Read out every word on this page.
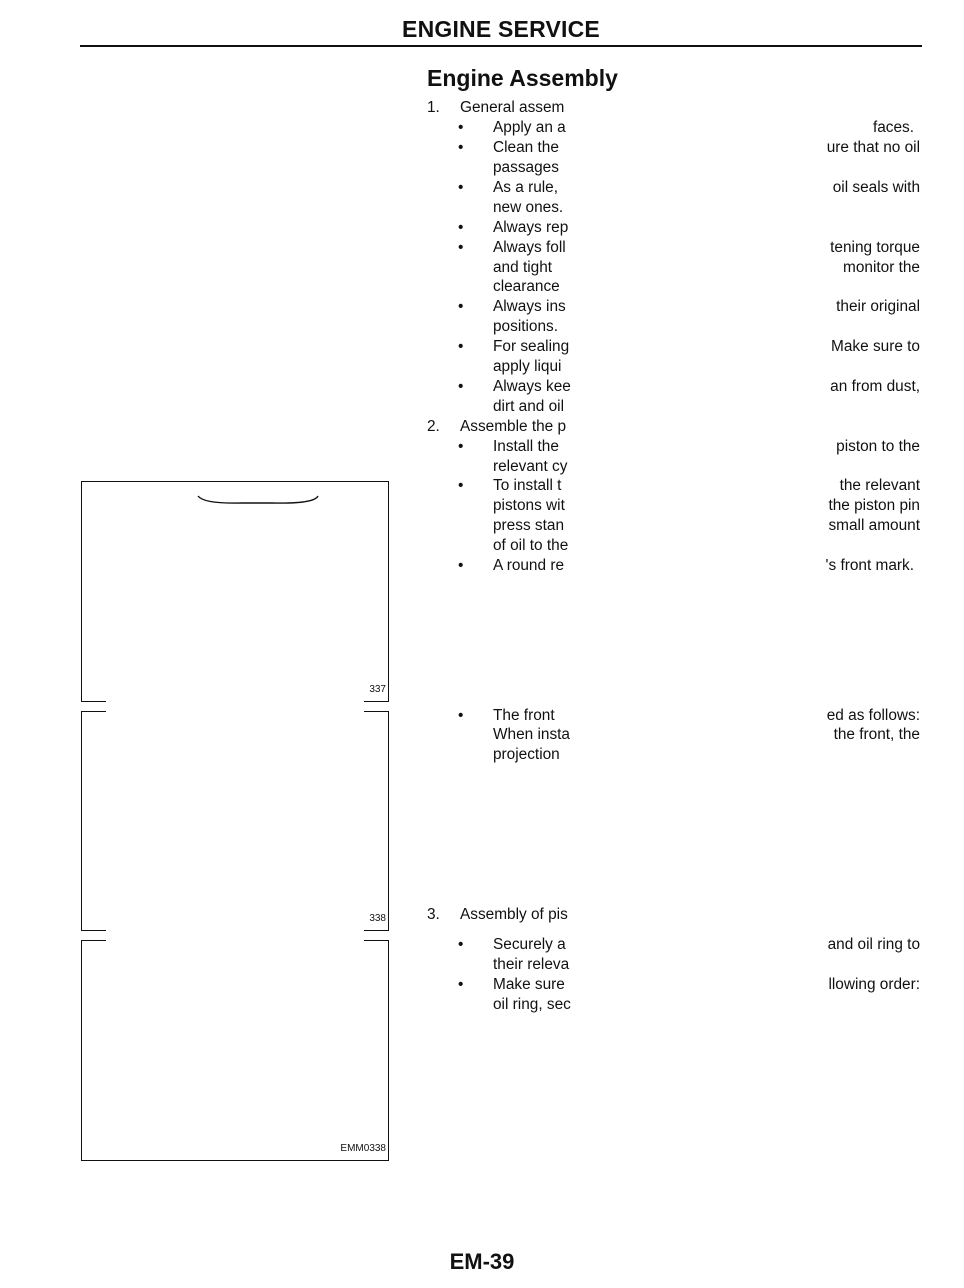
ENGINE SERVICE
Engine Assembly
337
338
EMM0338
1. General assem
• Apply an a	faces.
• Clean the	ure that no oil
passages
• As a rule,	oil seals with
new ones.
• Always rep
• Always foll	tening torque
and tight	monitor the
clearance
• Always ins	their original
positions.
• For sealing	Make sure to
apply liqui
• Always kee	an from dust,
dirt and oil
2. Assemble the p
• Install the	piston to the
relevant cy
• To install t	the relevant
pistons wit	the piston pin
press stan	small amount
of oil to the
• A round re	's front mark.
• The front	ed as follows:
When insta	the front, the
projection
3. Assembly of pis
• Securely a	and oil ring to
their releva
• Make sure	llowing order:
oil ring, sec
EM-39
